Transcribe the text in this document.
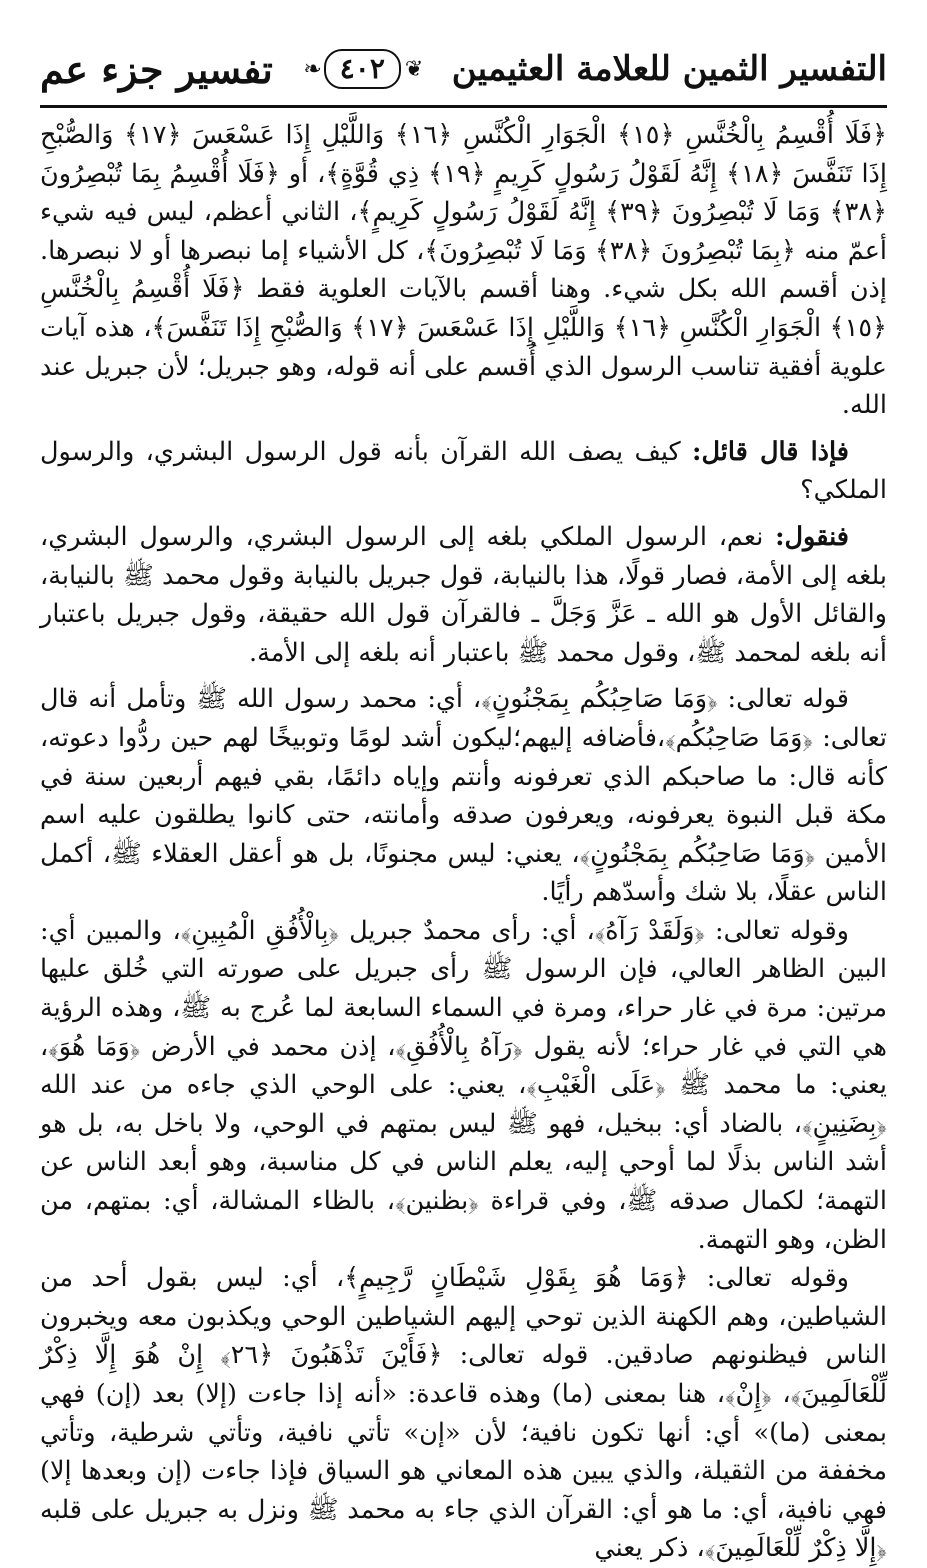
التفسير الثمين للعلامة العثيمين
❦
٤٠٢
❧
تفسير جزء عم

﴿فَلَا أُقْسِمُ بِالْخُنَّسِ ﴿١٥﴾ الْجَوَارِ الْكُنَّسِ ﴿١٦﴾ وَاللَّيْلِ إِذَا عَسْعَسَ ﴿١٧﴾ وَالصُّبْحِ إِذَا تَنَفَّسَ ﴿١٨﴾ إِنَّهُ لَقَوْلُ رَسُولٍ كَرِيمٍ ﴿١٩﴾ ذِي قُوَّةٍ﴾، أو ﴿فَلَا أُقْسِمُ بِمَا تُبْصِرُونَ ﴿٣٨﴾ وَمَا لَا تُبْصِرُونَ ﴿٣٩﴾ إِنَّهُ لَقَوْلُ رَسُولٍ كَرِيمٍ﴾، الثاني أعظم، ليس فيه شيء أعمّ منه ﴿بِمَا تُبْصِرُونَ ﴿٣٨﴾ وَمَا لَا تُبْصِرُونَ﴾، كل الأشياء إما نبصرها أو لا نبصرها. إذن أقسم الله بكل شيء. وهنا أقسم بالآيات العلوية فقط ﴿فَلَا أُقْسِمُ بِالْخُنَّسِ ﴿١٥﴾ الْجَوَارِ الْكُنَّسِ ﴿١٦﴾ وَاللَّيْلِ إِذَا عَسْعَسَ ﴿١٧﴾ وَالصُّبْحِ إِذَا تَنَفَّسَ﴾، هذه آيات علوية أفقية تناسب الرسول الذي أُقسم على أنه قوله، وهو جبريل؛ لأن جبريل عند الله.

فإذا قال قائل: كيف يصف الله القرآن بأنه قول الرسول البشري، والرسول الملكي؟

فنقول: نعم، الرسول الملكي بلغه إلى الرسول البشري، والرسول البشري، بلغه إلى الأمة، فصار قولًا، هذا بالنيابة، قول جبريل بالنيابة وقول محمد ﷺ بالنيابة، والقائل الأول هو الله ـ عَزَّ وَجَلَّ ـ فالقرآن قول الله حقيقة، وقول جبريل باعتبار أنه بلغه لمحمد ﷺ، وقول محمد ﷺ باعتبار أنه بلغه إلى الأمة.

قوله تعالى: ﴿وَمَا صَاحِبُكُم بِمَجْنُونٍ﴾، أي: محمد رسول الله ﷺ وتأمل أنه قال تعالى: ﴿وَمَا صَاحِبُكُم﴾،فأضافه إليهم؛ليكون أشد لومًا وتوبيخًا لهم حين ردُّوا دعوته، كأنه قال: ما صاحبكم الذي تعرفونه وأنتم وإياه دائمًا، بقي فيهم أربعين سنة في مكة قبل النبوة يعرفونه، ويعرفون صدقه وأمانته، حتى كانوا يطلقون عليه اسم الأمين ﴿وَمَا صَاحِبُكُم بِمَجْنُونٍ﴾، يعني: ليس مجنونًا، بل هو أعقل العقلاء ﷺ، أكمل الناس عقلًا، بلا شك وأسدّهم رأيًا.

وقوله تعالى: ﴿وَلَقَدْ رَآهُ﴾، أي: رأى محمدٌ جبريل ﴿بِالْأُفُقِ الْمُبِينِ﴾، والمبين أي: البين الظاهر العالي، فإن الرسول ﷺ رأى جبريل على صورته التي خُلق عليها مرتين: مرة في غار حراء، ومرة في السماء السابعة لما عُرج به ﷺ، وهذه الرؤية هي التي في غار حراء؛ لأنه يقول ﴿رَآهُ بِالْأُفُقِ﴾، إذن محمد في الأرض ﴿وَمَا هُوَ﴾، يعني: ما محمد ﷺ ﴿عَلَى الْغَيْبِ﴾، يعني: على الوحي الذي جاءه من عند الله ﴿بِضَنِينٍ﴾، بالضاد أي: ببخيل، فهو ﷺ ليس بمتهم في الوحي، ولا باخل به، بل هو أشد الناس بذلًا لما أوحي إليه، يعلم الناس في كل مناسبة، وهو أبعد الناس عن التهمة؛ لكمال صدقه ﷺ، وفي قراءة ﴿بظنين﴾، بالظاء المشالة، أي: بمتهم، من الظن، وهو التهمة.

وقوله تعالى: ﴿وَمَا هُوَ بِقَوْلِ شَيْطَانٍ رَّجِيمٍ﴾، أي: ليس بقول أحد من الشياطين، وهم الكهنة الذين توحي إليهم الشياطين الوحي ويكذبون معه ويخبرون الناس فيظنونهم صادقين. قوله تعالى: ﴿فَأَيْنَ تَذْهَبُونَ ﴿٢٦﴾ إِنْ هُوَ إِلَّا ذِكْرٌ لِّلْعَالَمِينَ﴾، ﴿إِنْ﴾، هنا بمعنى (ما) وهذه قاعدة: «أنه إذا جاءت (إلا) بعد (إن) فهي بمعنى (ما)» أي: أنها تكون نافية؛ لأن «إن» تأتي نافية، وتأتي شرطية، وتأتي مخففة من الثقيلة، والذي يبين هذه المعاني هو السياق فإذا جاءت (إن وبعدها إلا) فهي نافية، أي: ما هو أي: القرآن الذي جاء به محمد ﷺ ونزل به جبريل على قلبه ﴿إِلَّا ذِكْرٌ لِّلْعَالَمِينَ﴾، ذكر يعني
